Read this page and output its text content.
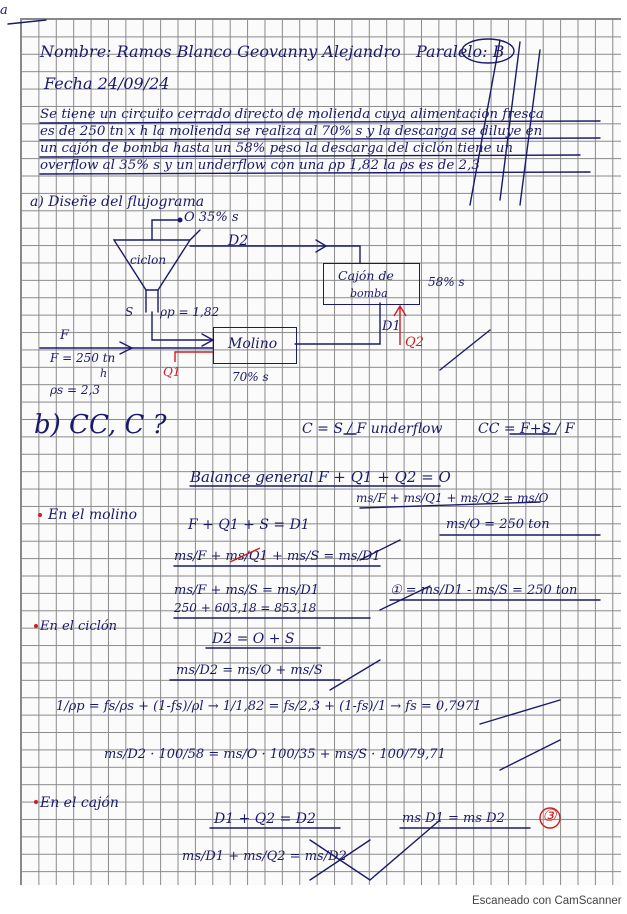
a
Nombre: Ramos Blanco Geovanny Alejandro Paralelo: B
Fecha 24/09/24
Se tiene un circuito cerrado directo de molienda cuya alimentación fresca
es de 250 tn x h la molienda se realiza al 70% s y la descarga se diluye en
un cajón de bomba hasta un 58% peso la descarga del ciclón tiene un
overflow al 35% s y un underflow con una ρp 1,82 la ρs es de 2,3
a) Diseñe del flujograma
O 35% s
D2
ciclon
Cajón de
bomba
58% s
S ρp = 1,82
D1
Q2
Molino
70% s
F
F = 250 tn
h	Q1
ρs = 2,3
b) CC, C ?	C = S / F underflow	CC = F+S / F
Balance general F + Q1 + Q2 = O
ms/F + ms/Q1 + ms/Q2 = ms/O
En el molino
F + Q1 + S = D1	ms/O = 250 ton
ms/F + ms/Q1 + ms/S = ms/D1
ms/F + ms/S = ms/D1
250 + 603,18 = 853,18
① = ms/D1 - ms/S = 250 ton
En el ciclón
D2 = O + S
ms/D2 = ms/O + ms/S
1/ρp = fs/ρs + (1-fs)/ρl → 1/1,82 = fs/2,3 + (1-fs)/1 → fs = 0,7971
ms/D2 · 100/58 = ms/O · 100/35 + ms/S · 100/79,71
En el cajón
D1 + Q2 = D2	ms D1 = ms D2 ③
ms/D1 + ms/Q2 = ms/D2
Escaneado con CamScanner
